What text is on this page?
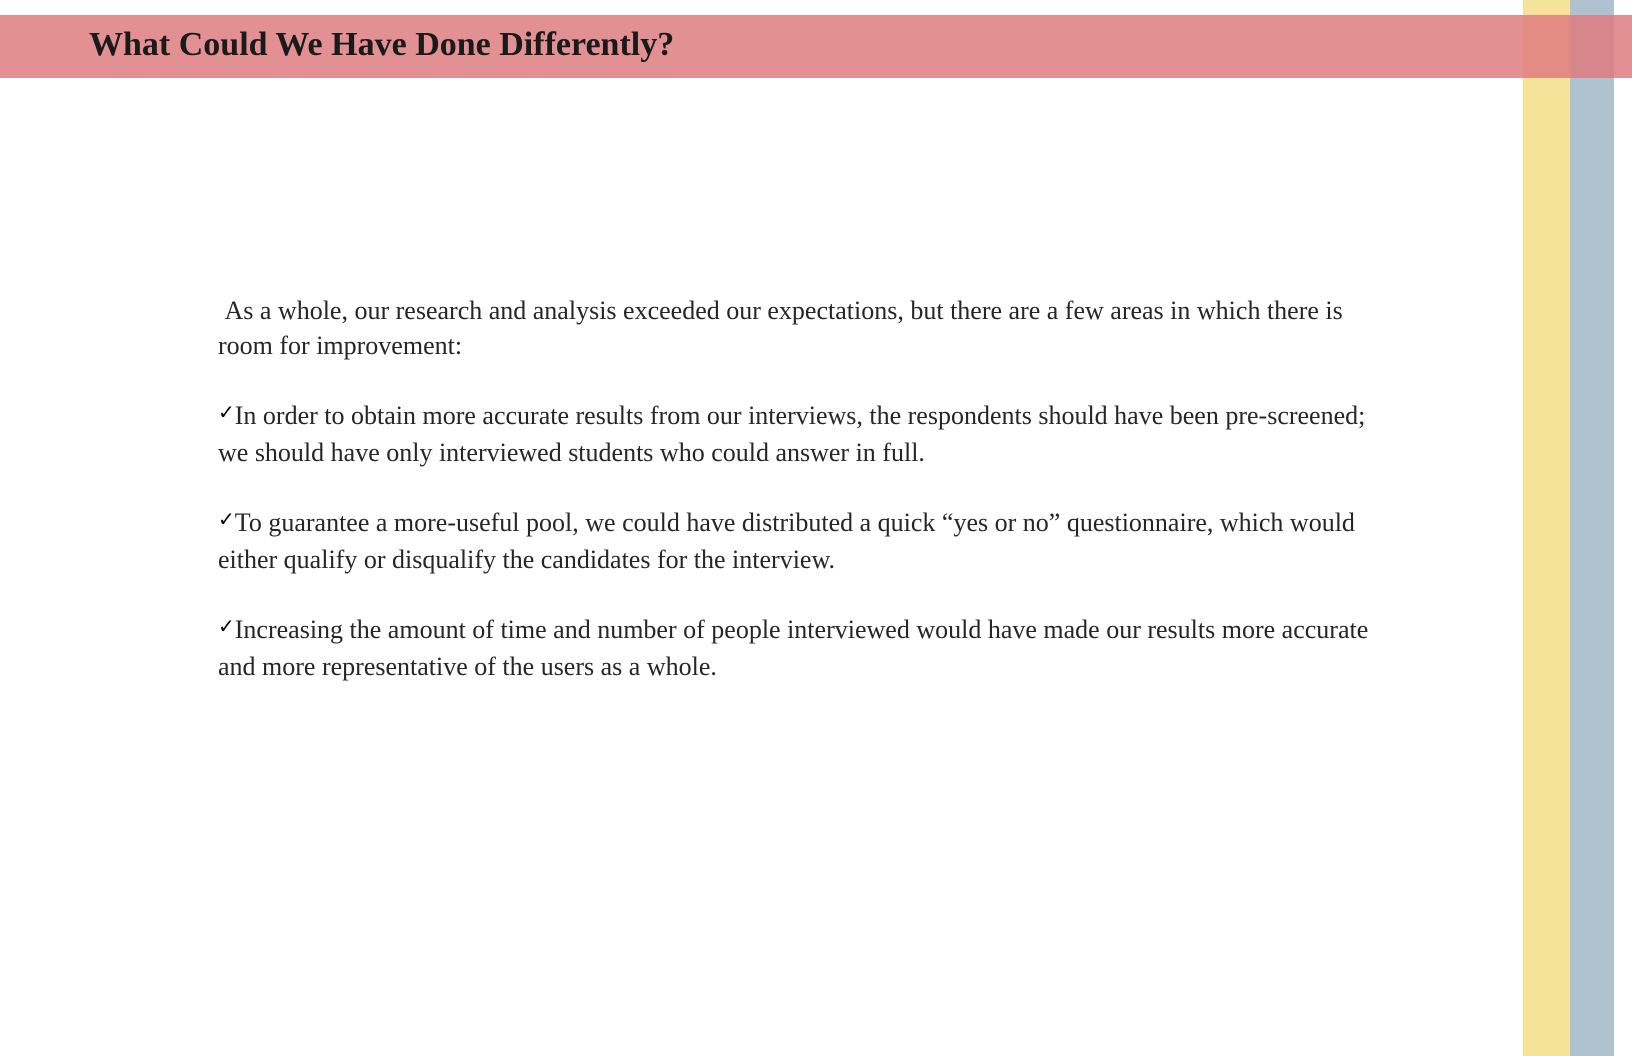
What Could We Have Done Differently?

As a whole, our research and analysis exceeded our expectations, but there are a few areas in which there is room for improvement:

✓In order to obtain more accurate results from our interviews, the respondents should have been pre-screened; we should have only interviewed students who could answer in full.

✓To guarantee a more-useful pool, we could have distributed a quick “yes or no” questionnaire, which would either qualify or disqualify the candidates for the interview.

✓Increasing the amount of time and number of people interviewed would have made our results more accurate and more representative of the users as a whole.
